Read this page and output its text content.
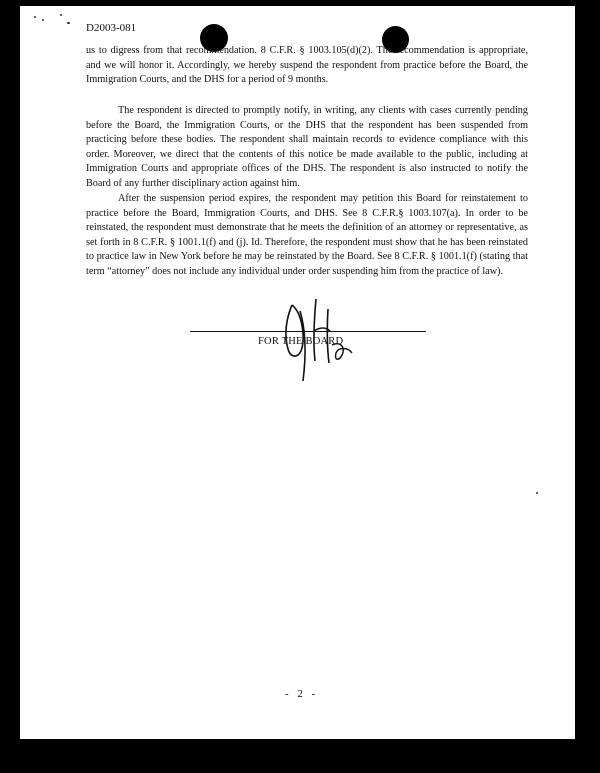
D2003-081

us to digress from that recommendation. 8 C.F.R. § 1003.105(d)(2). The recommendation is appropriate, and we will honor it. Accordingly, we hereby suspend the respondent from practice before the Board, the Immigration Courts, and the DHS for a period of 9 months.

The respondent is directed to promptly notify, in writing, any clients with cases currently pending before the Board, the Immigration Courts, or the DHS that the respondent has been suspended from practicing before these bodies. The respondent shall maintain records to evidence compliance with this order. Moreover, we direct that the contents of this notice be made available to the public, including at Immigration Courts and appropriate offices of the DHS. The respondent is also instructed to notify the Board of any further disciplinary action against him.

After the suspension period expires, the respondent may petition this Board for reinstatement to practice before the Board, Immigration Courts, and DHS. See 8 C.F.R.§ 1003.107(a). In order to be reinstated, the respondent must demonstrate that he meets the definition of an attorney or representative, as set forth in 8 C.F.R. § 1001.1(f) and (j). Id. Therefore, the respondent must show that he has been reinstated to practice law in New York before he may be reinstated by the Board. See 8 C.F.R. § 1001.1(f) (stating that term “attorney” does not include any individual under order suspending him from the practice of law).

FOR THE BOARD
- 2 -
